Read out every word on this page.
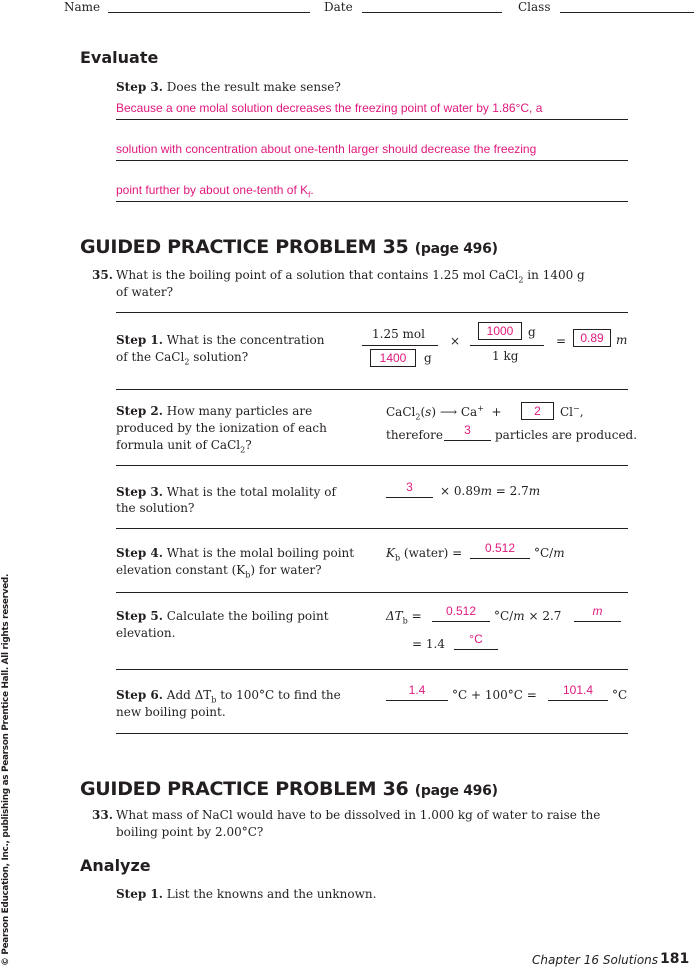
Name	Date	Class
Evaluate
Step 3. Does the result make sense?
Because a one molal solution decreases the freezing point of water by 1.86°C, a
solution with concentration about one-tenth larger should decrease the freezing
point further by about one-tenth of $K_f$.
GUIDED PRACTICE PROBLEM 35 (page 496)
35. What is the boiling point of a solution that contains 1.25 mol CaCl$_2$ in 1400 g
of water?
Step 1. What is the concentration
of the CaCl$_2$ solution?
1.25 mol
1400	g
×
1000	g
1 kg
=	0.89	m
Step 2. How many particles are
produced by the ionization of each
formula unit of CaCl$_2$?
CaCl$_2$(s) ⟶ Ca+ +	2	Cl−,
therefore	3	particles are produced.
Step 3. What is the total molality of
the solution?
3	× 0.89m = 2.7m
Step 4. What is the molal boiling point
elevation constant $(K_b)$ for water?
$K_b$ (water) =	0.512	°C/m
Step 5. Calculate the boiling point
elevation.
$\Delta T_b$ =	0.512	°C/m × 2.7	m
= 1.4	°C
Step 6. Add $\Delta T_b$ to 100°C to find the
new boiling point.
1.4	°C + 100°C =	101.4	°C
GUIDED PRACTICE PROBLEM 36 (page 496)
33. What mass of NaCl would have to be dissolved in 1.000 kg of water to raise the
boiling point by 2.00°C?
Analyze
Step 1. List the knowns and the unknown.
© Pearson Education, Inc., publishing as Pearson Prentice Hall. All rights reserved.	Chapter 16 Solutions 181
